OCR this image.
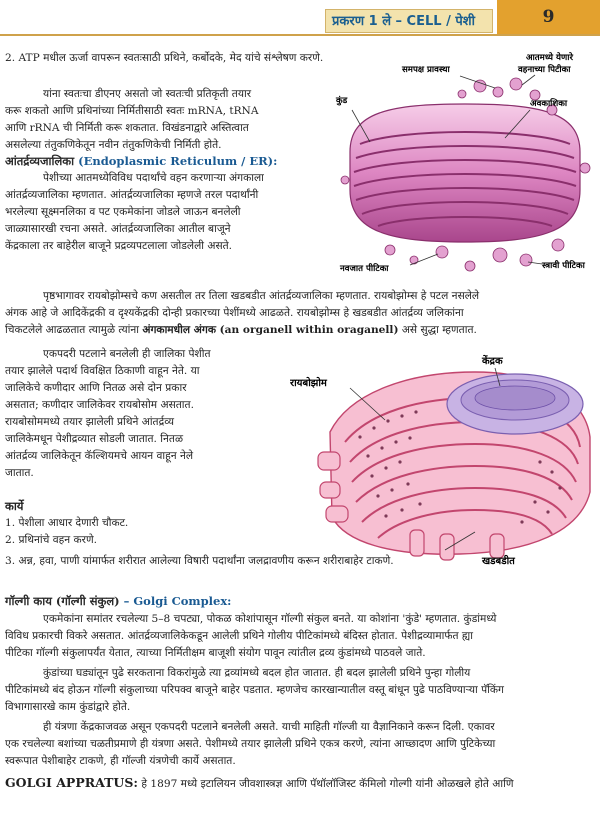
प्रकरण 1 ले – CELL / पेशी	9

2. ATP मधील ऊर्जा वापरून स्वतःसाठी प्रथिने, कर्बोदके, मेद यांचे संश्लेषण करणे.

यांना स्वतःचा डीएनए असतो जो स्वतःची प्रतिकृती तयार

करू शकतो आणि प्रथिनांच्या निर्मितीसाठी स्वतः mRNA, tRNA

आणि rRNA ची निर्मिती करू शकतात. विखंडनाद्वारे अस्तित्वात

असलेल्या तंतुकणिकेतून नवीन तंतुकणिकेची निर्मिती होते.

आंतर्द्रव्यजालिका (Endoplasmic Reticulum / ER):

पेशीच्या आतमध्येविविध पदार्थांचे वहन करणाऱ्या अंगकाला

आंतर्द्रव्यजालिका म्हणतात. आंतर्द्रव्यजालिका म्हणजे तरल पदार्थांनी

भरलेल्या सूक्ष्मनलिका व पट एकमेकांना जोडले जाऊन बनलेली

जाळ्यासारखी रचना असते. आंतर्द्रव्यजालिका आतील बाजूने

केंद्रकाला तर बाहेरील बाजूने प्रद्रव्यपटलाला जोडलेली असते.

समपक्ष प्रावस्था
आतमध्ये येणारे
वहनाच्या पिटीका
कुंड	अवकाशिका
नवजात पीटिका	स्त्रावी पीटिका

पृष्ठभागावर रायबोझोम्सचे कण असतील तर तिला खडबडीत आंतर्द्रव्यजालिका म्हणतात. रायबोझोम्स हे पटल नसलेले

अंगक आहे जे आदिकेंद्रकी व दृश्यकेंद्रकी दोन्ही प्रकारच्या पेशींमध्ये आढळते. रायबोझोम्स हे खडबडीत आंतर्द्रव्य जलिकांना

चिकटलेले आढळतात त्यामुळे त्यांना अंगकामधील अंगक (an organell within oraganell) असे सुद्धा म्हणतात.

एकपदरी पटलाने बनलेली ही जालिका पेशीत

तयार झालेले पदार्थ विवक्षित ठिकाणी वाहून नेते. या

जालिकेचे कणीदार आणि नितळ असे दोन प्रकार

असतात; कणीदार जालिकेवर रायबोसोम असतात.

रायबोसोममध्ये तयार झालेली प्रथिने आंतर्द्रव्य

जालिकेमधून पेशीद्रव्यात सोडली जातात. नितळ

आंतर्द्रव्य जालिकेतून कॅल्शियमचे आयन वाहून नेले

जातात.

रायबोझोम
केंद्रक
खडबडीत

कार्ये

1. पेशीला आधार देणारी चौकट.

2. प्रथिनांचे वहन करणे.

3. अन्न, हवा, पाणी यांमार्फत शरीरात आलेल्या विषारी पदार्थांना जलद्रावणीय करून शरीराबाहेर टाकणे.

गॉल्गी काय (गॉल्गी संकुल) – Golgi Complex:

एकमेकांना समांतर रचलेल्या 5–8 चपट्या, पोकळ कोशांपासून गॉल्गी संकुल बनते. या कोशांना 'कुंडे' म्हणतात. कुंडांमध्ये

विविध प्रकारची विकरे असतात. आंतर्द्रव्यजालिकेकडून आलेली प्रथिने गोलीय पीटिकांमध्ये बंदिस्त होतात. पेशीद्रव्यामार्फत ह्या

पीटिका गॉल्गी संकुलापर्यंत येतात, त्याच्या निर्मितीक्षम बाजूशी संयोग पावून त्यांतील द्रव्य कुंडांमध्ये पाठवले जाते.

कुंडांच्या घड्यांतून पुढे सरकताना विकरांमुळे त्या द्रव्यांमध्ये बदल होत जातात. ही बदल झालेली प्रथिने पुन्हा गोलीय

पीटिकांमध्ये बंद होऊन गॉल्गी संकुलाच्या परिपक्व बाजूने बाहेर पडतात. म्हणजेच कारखान्यातील वस्तू बांधून पुढे पाठविण्याऱ्या पॅकिंग

विभागासारखे काम कुंडांद्वारे होते.

ही यंत्रणा केंद्रकाजवळ असून एकपदरी पटलाने बनलेली असते. याची माहिती गॉल्जी या वैज्ञानिकाने करून दिली. एकावर

एक रचलेल्या बशांच्या चळतीप्रमाणे ही यंत्रणा असते. पेशीमध्ये तयार झालेली प्रथिने एकत्र करणे, त्यांना आच्छादण आणि पुटिकेच्या

स्वरूपात पेशीबाहेर टाकणे, ही गॉल्जी यंत्रणेची कार्ये असतात.

GOLGI APPRATUS: हे 1897 मध्ये इटालियन जीवशास्त्रज्ञ आणि पॅथॉलॉजिस्ट कॅमिलो गोल्गी यांनी ओळखले होते आणि
